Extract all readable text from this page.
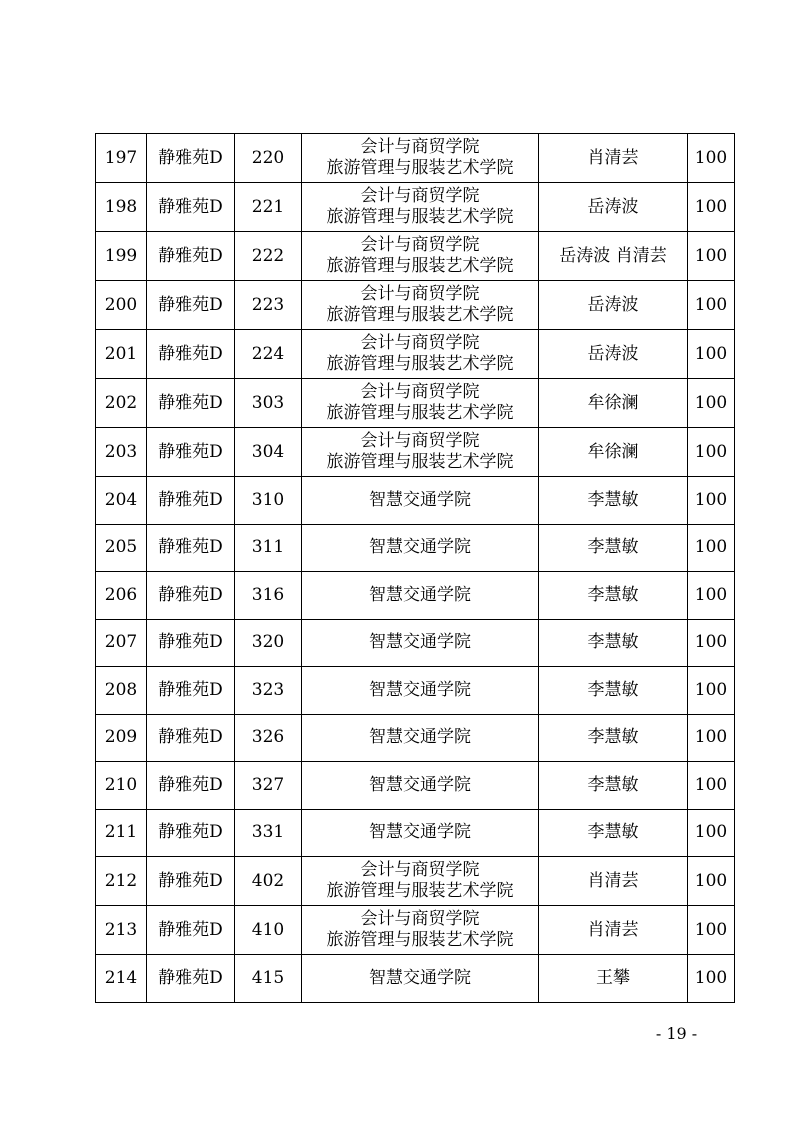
197	静雅苑D	220	会计与商贸学院
旅游管理与服装艺术学院	肖清芸	100
198	静雅苑D	221	会计与商贸学院
旅游管理与服装艺术学院	岳涛波	100
199	静雅苑D	222	会计与商贸学院
旅游管理与服装艺术学院	岳涛波 肖清芸	100
200	静雅苑D	223	会计与商贸学院
旅游管理与服装艺术学院	岳涛波	100
201	静雅苑D	224	会计与商贸学院
旅游管理与服装艺术学院	岳涛波	100
202	静雅苑D	303	会计与商贸学院
旅游管理与服装艺术学院	牟徐澜	100
203	静雅苑D	304	会计与商贸学院
旅游管理与服装艺术学院	牟徐澜	100
204	静雅苑D	310	智慧交通学院	李慧敏	100
205	静雅苑D	311	智慧交通学院	李慧敏	100
206	静雅苑D	316	智慧交通学院	李慧敏	100
207	静雅苑D	320	智慧交通学院	李慧敏	100
208	静雅苑D	323	智慧交通学院	李慧敏	100
209	静雅苑D	326	智慧交通学院	李慧敏	100
210	静雅苑D	327	智慧交通学院	李慧敏	100
211	静雅苑D	331	智慧交通学院	李慧敏	100
212	静雅苑D	402	会计与商贸学院
旅游管理与服装艺术学院	肖清芸	100
213	静雅苑D	410	会计与商贸学院
旅游管理与服装艺术学院	肖清芸	100
214	静雅苑D	415	智慧交通学院	王攀	100
- 19 -
